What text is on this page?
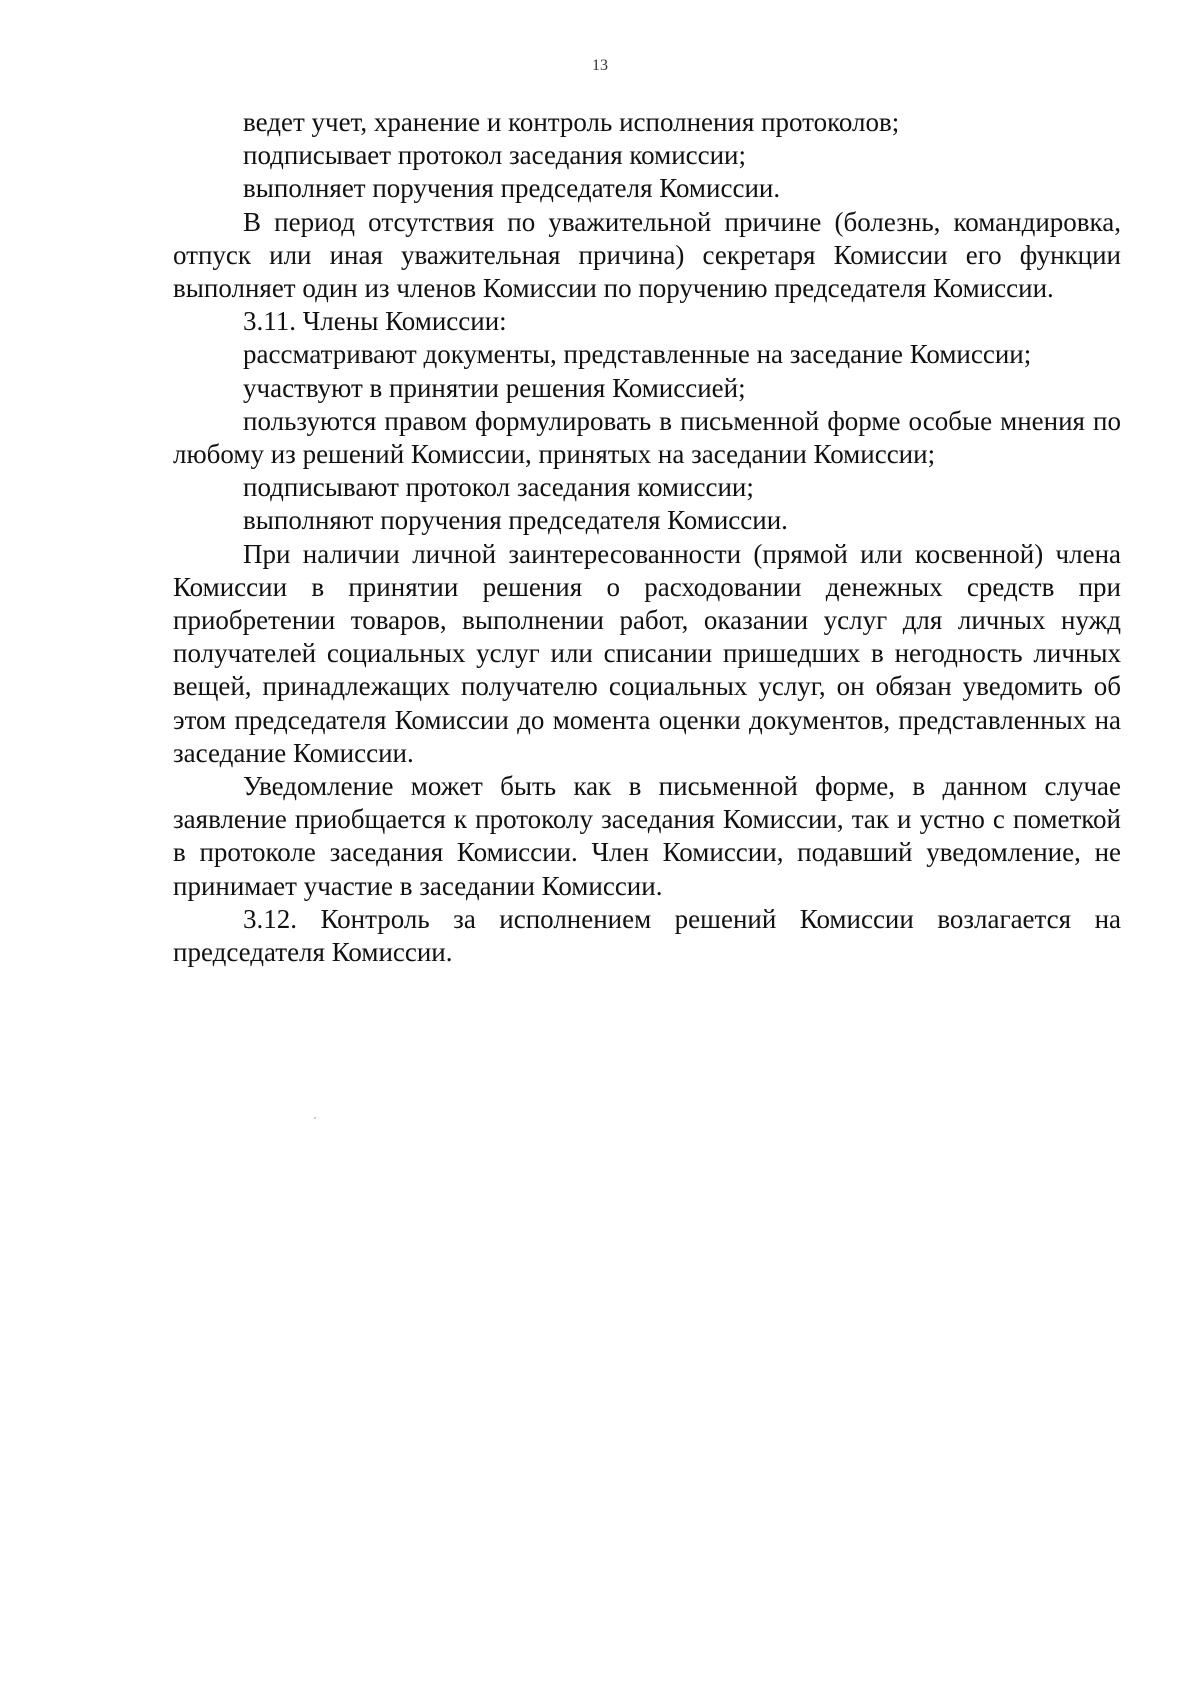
13

ведет учет, хранение и контроль исполнения протоколов;

подписывает протокол заседания комиссии;

выполняет поручения председателя Комиссии.

В период отсутствия по уважительной причине (болезнь, командировка, отпуск или иная уважительная причина) секретаря Комиссии его функции выполняет один из членов Комиссии по поручению председателя Комиссии.

3.11. Члены Комиссии:

рассматривают документы, представленные на заседание Комиссии;

участвуют в принятии решения Комиссией;

пользуются правом формулировать в письменной форме особые мнения по любому из решений Комиссии, принятых на заседании Комиссии;

подписывают протокол заседания комиссии;

выполняют поручения председателя Комиссии.

При наличии личной заинтересованности (прямой или косвенной) члена Комиссии в принятии решения о расходовании денежных средств при приобретении товаров, выполнении работ, оказании услуг для личных нужд получателей социальных услуг или списании пришедших в негодность личных вещей, принадлежащих получателю социальных услуг, он обязан уведомить об этом председателя Комиссии до момента оценки документов, представленных на заседание Комиссии.

Уведомление может быть как в письменной форме, в данном случае заявление приобщается к протоколу заседания Комиссии, так и устно с пометкой в протоколе заседания Комиссии. Член Комиссии, подавший уведомление, не принимает участие в заседании Комиссии.

3.12. Контроль за исполнением решений Комиссии возлагается на председателя Комиссии.
